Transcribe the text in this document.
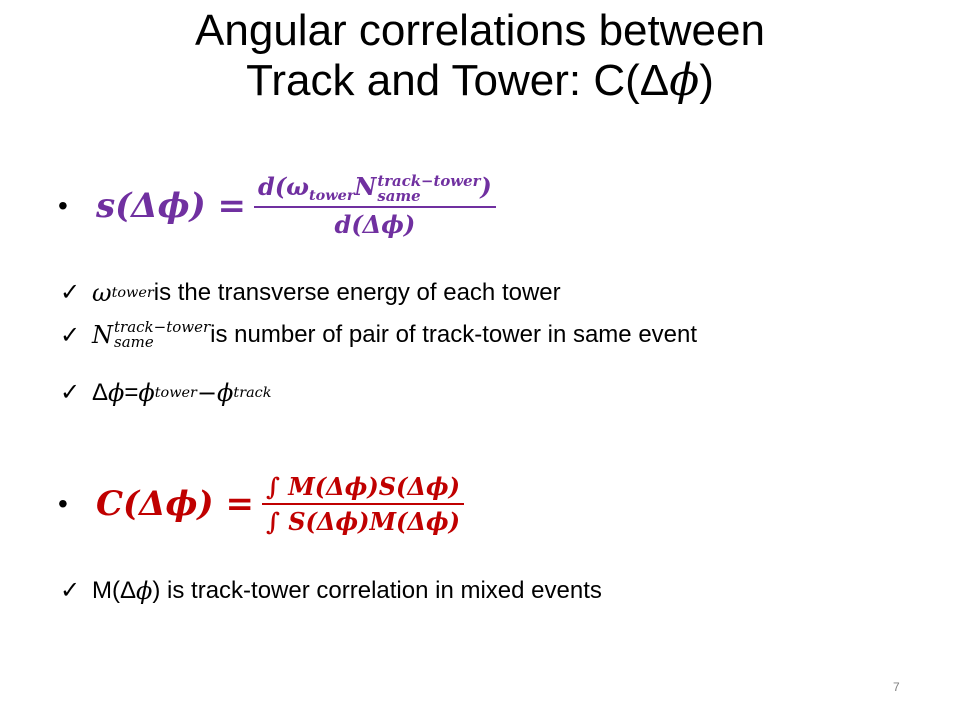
Angular correlations between
Track and Tower: C(Δϕ)
• $s(\Delta\phi) = d(\omega_{tower}N$ track−tower
same	)
d(Δϕ)
✓ ω tower is the transverse energy of each tower
✓ N track−tower
same	is number of pair of track-tower in same event
✓ Δ ϕ = ϕ tower − ϕ track
• $C(\Delta\phi) = \frac{\int M(\Delta\phi)S(\Delta\phi)}{\int S(\Delta\phi)M(\Delta\phi)}$
✓ M(Δ ϕ ) is track-tower correlation in mixed events
7
